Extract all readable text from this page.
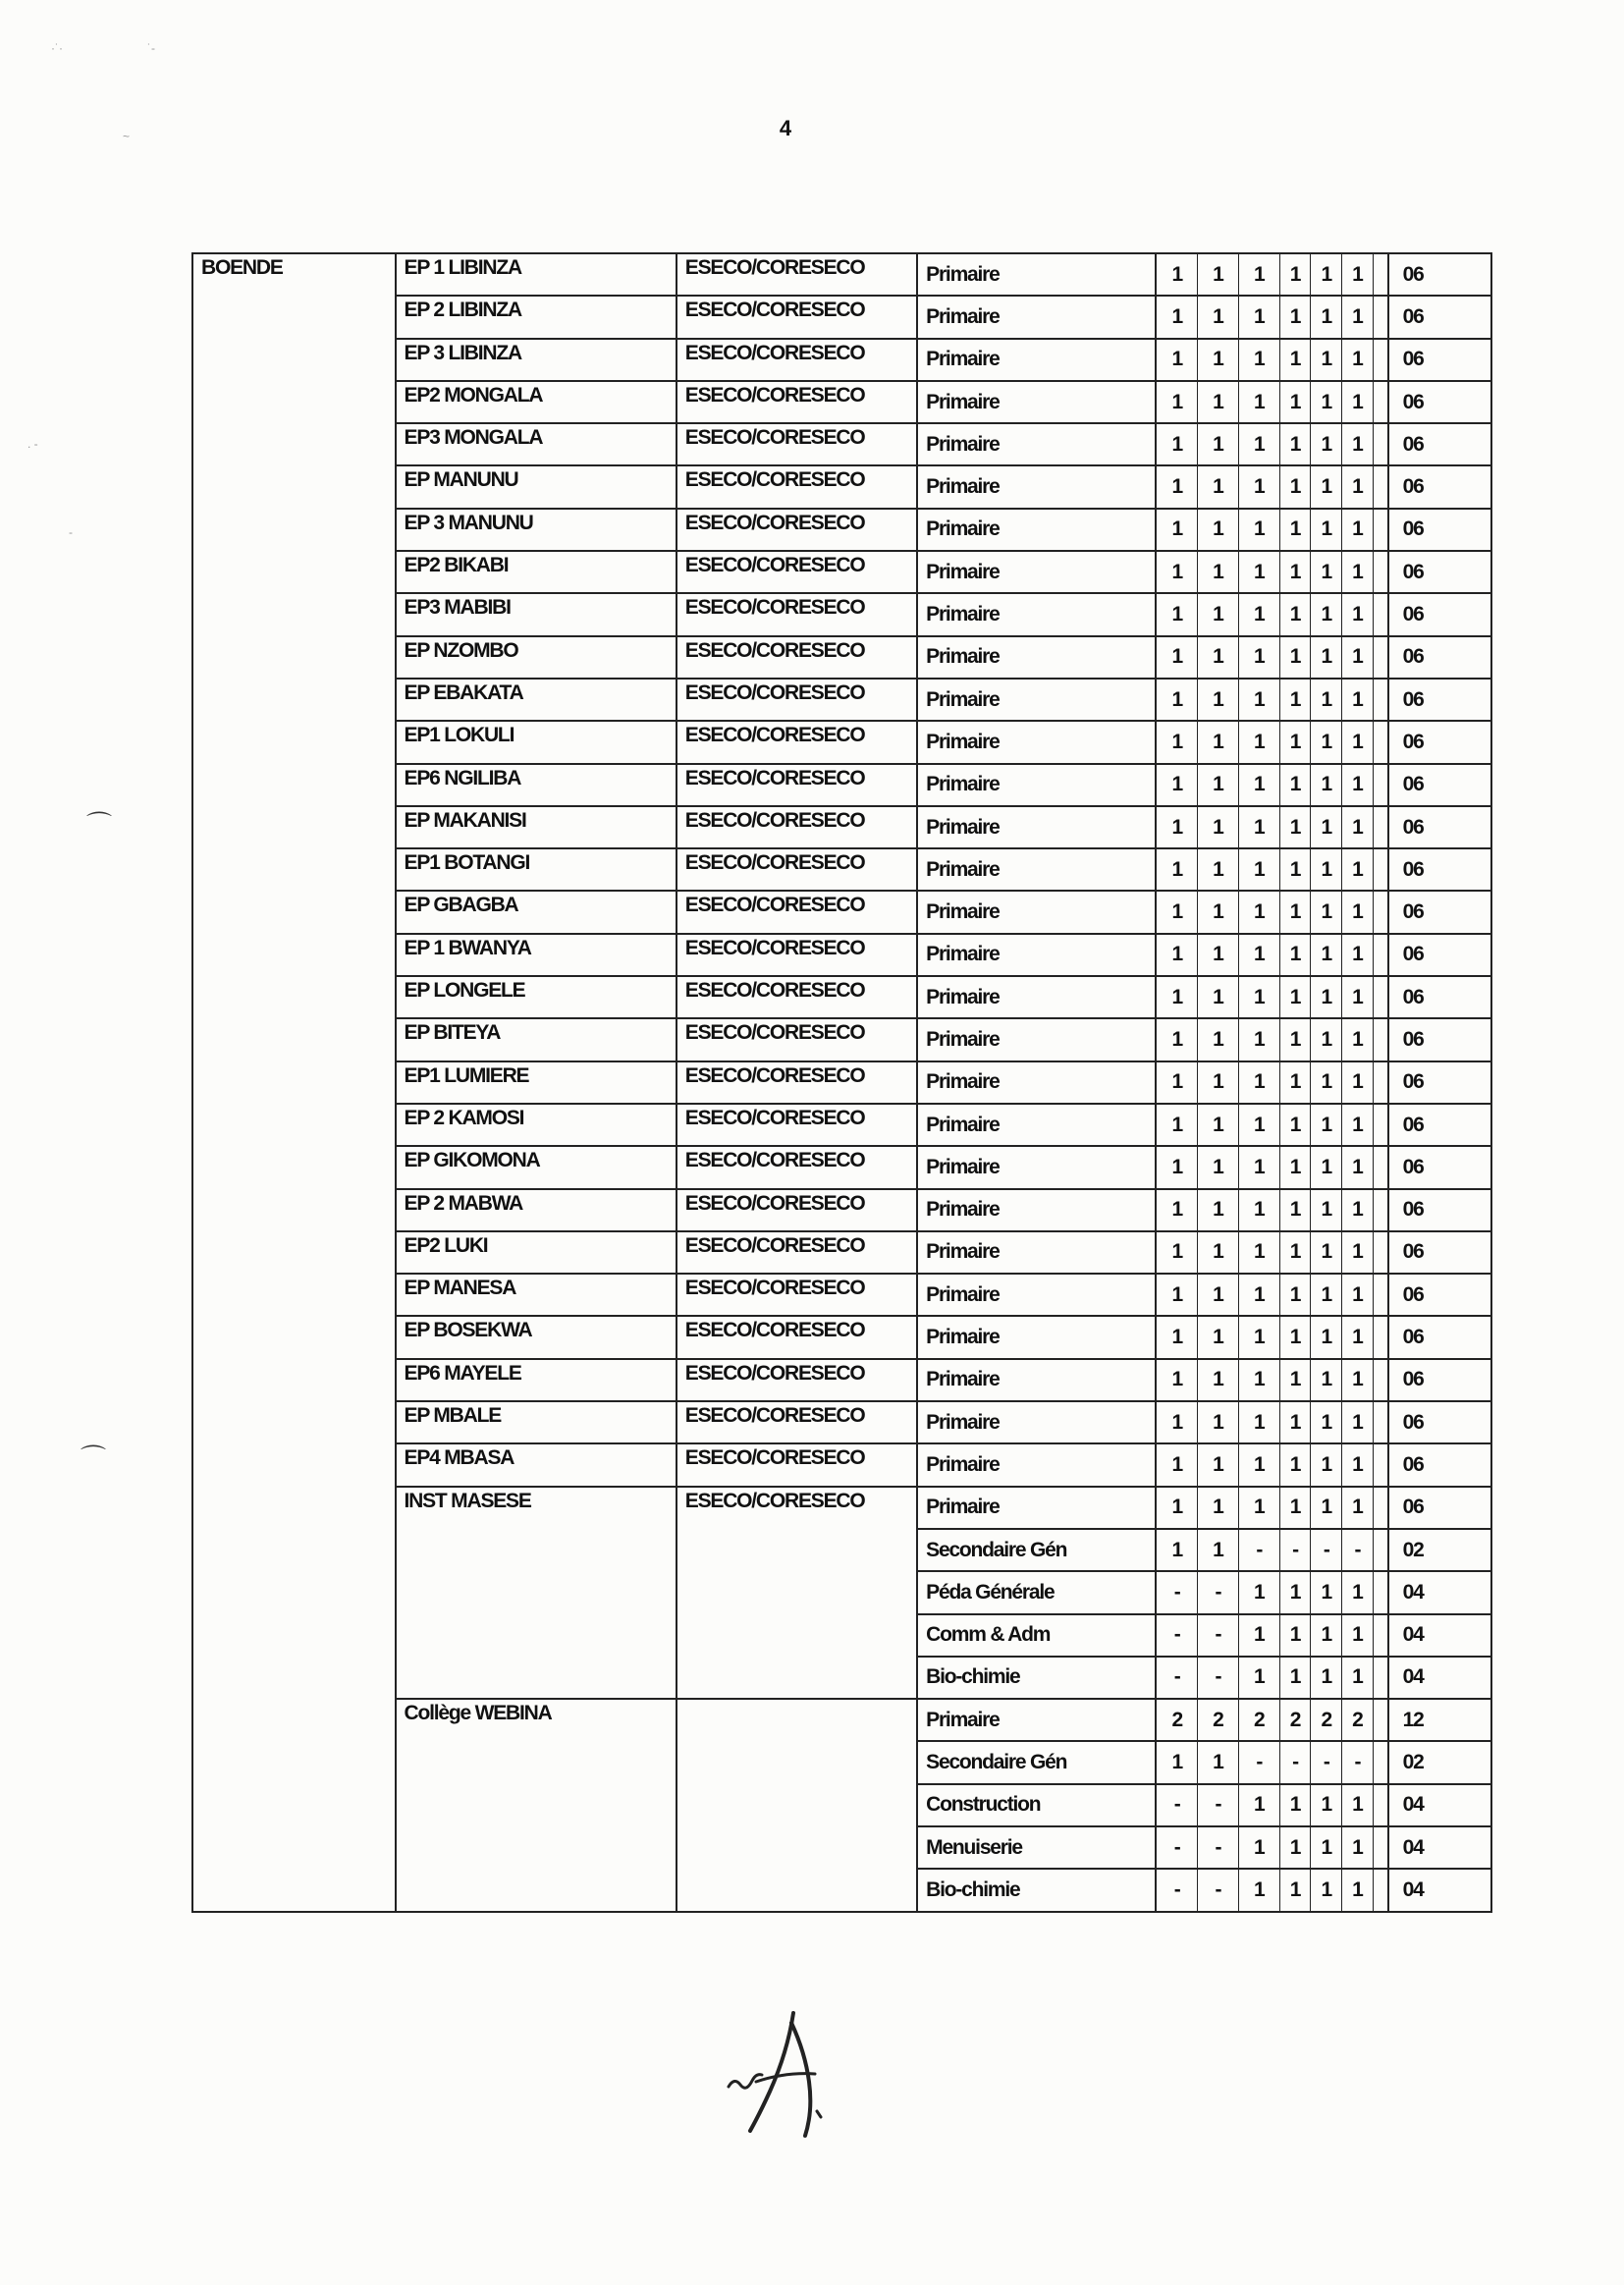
4
BOENDE	EP 1 LIBINZA	ESECO/CORESECO	Primaire	1	1	1	1	1	1		06
	EP 2 LIBINZA	ESECO/CORESECO	Primaire	1	1	1	1	1	1		06
	EP 3 LIBINZA	ESECO/CORESECO	Primaire	1	1	1	1	1	1		06
	EP2 MONGALA	ESECO/CORESECO	Primaire	1	1	1	1	1	1		06
	EP3 MONGALA	ESECO/CORESECO	Primaire	1	1	1	1	1	1		06
	EP MANUNU	ESECO/CORESECO	Primaire	1	1	1	1	1	1		06
	EP 3 MANUNU	ESECO/CORESECO	Primaire	1	1	1	1	1	1		06
	EP2 BIKABI	ESECO/CORESECO	Primaire	1	1	1	1	1	1		06
	EP3 MABIBI	ESECO/CORESECO	Primaire	1	1	1	1	1	1		06
	EP NZOMBO	ESECO/CORESECO	Primaire	1	1	1	1	1	1		06
	EP EBAKATA	ESECO/CORESECO	Primaire	1	1	1	1	1	1		06
	EP1 LOKULI	ESECO/CORESECO	Primaire	1	1	1	1	1	1		06
	EP6 NGILIBA	ESECO/CORESECO	Primaire	1	1	1	1	1	1		06
	EP MAKANISI	ESECO/CORESECO	Primaire	1	1	1	1	1	1		06
	EP1 BOTANGI	ESECO/CORESECO	Primaire	1	1	1	1	1	1		06
	EP GBAGBA	ESECO/CORESECO	Primaire	1	1	1	1	1	1		06
	EP 1 BWANYA	ESECO/CORESECO	Primaire	1	1	1	1	1	1		06
	EP LONGELE	ESECO/CORESECO	Primaire	1	1	1	1	1	1		06
	EP BITEYA	ESECO/CORESECO	Primaire	1	1	1	1	1	1		06
	EP1 LUMIERE	ESECO/CORESECO	Primaire	1	1	1	1	1	1		06
	EP 2 KAMOSI	ESECO/CORESECO	Primaire	1	1	1	1	1	1		06
	EP GIKOMONA	ESECO/CORESECO	Primaire	1	1	1	1	1	1		06
	EP 2 MABWA	ESECO/CORESECO	Primaire	1	1	1	1	1	1		06
	EP2 LUKI	ESECO/CORESECO	Primaire	1	1	1	1	1	1		06
	EP MANESA	ESECO/CORESECO	Primaire	1	1	1	1	1	1		06
	EP BOSEKWA	ESECO/CORESECO	Primaire	1	1	1	1	1	1		06
	EP6 MAYELE	ESECO/CORESECO	Primaire	1	1	1	1	1	1		06
	EP MBALE	ESECO/CORESECO	Primaire	1	1	1	1	1	1		06
	EP4 MBASA	ESECO/CORESECO	Primaire	1	1	1	1	1	1		06
	INST MASESE	ESECO/CORESECO	Primaire	1	1	1	1	1	1		06
			Secondaire Gén	1	1	-	-	-	-		02
			Péda Générale	-	-	1	1	1	1		04
			Comm & Adm	-	-	1	1	1	1		04
			Bio-chimie	-	-	1	1	1	1		04
	Collège WEBINA		Primaire	2	2	2	2	2	2		12
			Secondaire Gén	1	1	-	-	-	-		02
			Construction	-	-	1	1	1	1		04
			Menuiserie	-	-	1	1	1	1		04
			Bio-chimie	-	-	1	1	1	1		04
·˙·	˙-
~
. -
-
⌒
⌒
